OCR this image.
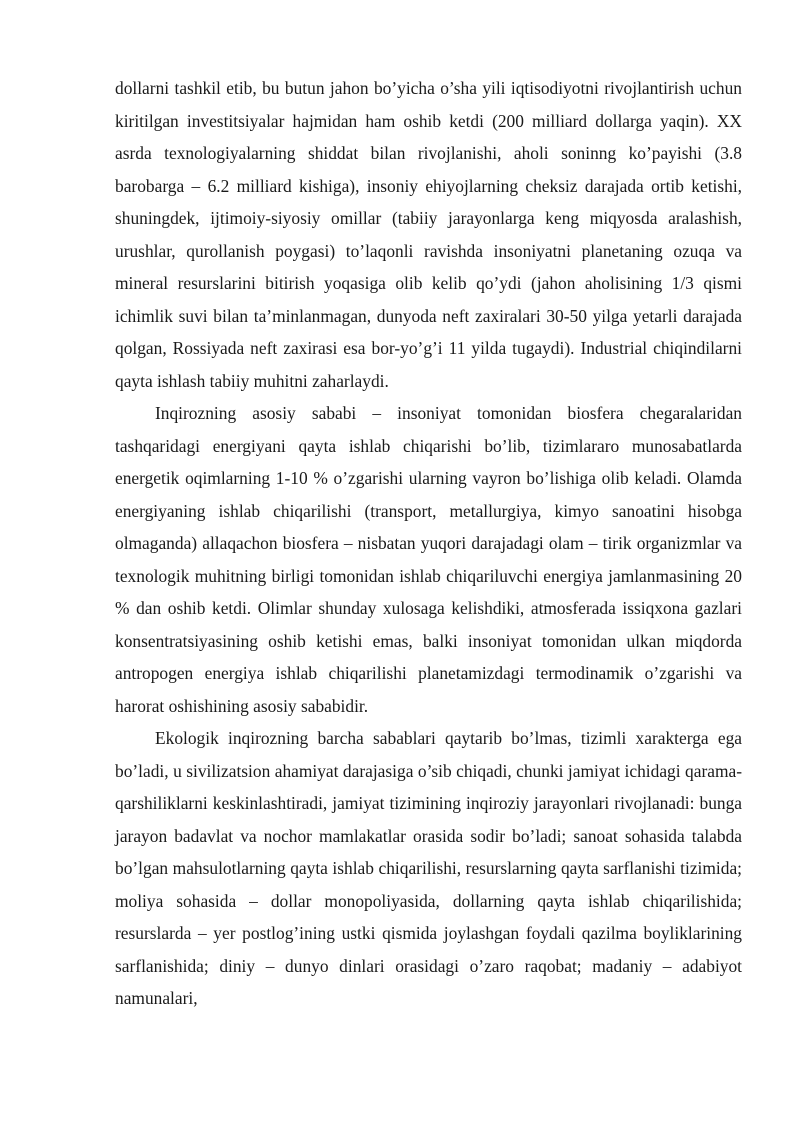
dollarni tashkil etib, bu butun jahon bo’yicha o’sha yili iqtisodiyotni rivojlantirish uchun kiritilgan investitsiyalar hajmidan ham oshib ketdi (200 milliard dollarga yaqin). XX asrda texnologiyalarning shiddat bilan rivojlanishi, aholi soninng ko’payishi (3.8 barobarga – 6.2 milliard kishiga), insoniy ehiyojlarning cheksiz darajada ortib ketishi, shuningdek, ijtimoiy-siyosiy omillar (tabiiy jarayonlarga keng miqyosda aralashish, urushlar, qurollanish poygasi) to’laqonli ravishda insoniyatni planetaning ozuqa va mineral resurslarini bitirish yoqasiga olib kelib qo’ydi (jahon aholisining 1/3 qismi ichimlik suvi bilan ta’minlanmagan, dunyoda neft zaxiralari 30-50 yilga yetarli darajada qolgan, Rossiyada neft zaxirasi esa bor-yo’g’i 11 yilda tugaydi). Industrial chiqindilarni qayta ishlash tabiiy muhitni zaharlaydi.

Inqirozning asosiy sababi – insoniyat tomonidan biosfera chegaralaridan tashqaridagi energiyani qayta ishlab chiqarishi bo’lib, tizimlararo munosabatlarda energetik oqimlarning 1-10 % o’zgarishi ularning vayron bo’lishiga olib keladi. Olamda energiyaning ishlab chiqarilishi (transport, metallurgiya, kimyo sanoatini hisobga olmaganda) allaqachon biosfera – nisbatan yuqori darajadagi olam – tirik organizmlar va texnologik muhitning birligi tomonidan ishlab chiqariluvchi energiya jamlanmasining 20 % dan oshib ketdi. Olimlar shunday xulosaga kelishdiki, atmosferada issiqxona gazlari konsentratsiyasining oshib ketishi emas, balki insoniyat tomonidan ulkan miqdorda antropogen energiya ishlab chiqarilishi planetamizdagi termodinamik o’zgarishi va harorat oshishining asosiy sababidir.

Ekologik inqirozning barcha sabablari qaytarib bo’lmas, tizimli xarakterga ega bo’ladi, u sivilizatsion ahamiyat darajasiga o’sib chiqadi, chunki jamiyat ichidagi qarama-qarshiliklarni keskinlashtiradi, jamiyat tizimining inqiroziy jarayonlari rivojlanadi: bunga jarayon badavlat va nochor mamlakatlar orasida sodir bo’ladi; sanoat sohasida talabda bo’lgan mahsulotlarning qayta ishlab chiqarilishi, resurslarning qayta sarflanishi tizimida; moliya sohasida – dollar monopoliyasida, dollarning qayta ishlab chiqarilishida; resurslarda – yer postlog’ining ustki qismida joylashgan foydali qazilma boyliklarining sarflanishida; diniy – dunyo dinlari orasidagi o’zaro raqobat; madaniy – adabiyot namunalari,
